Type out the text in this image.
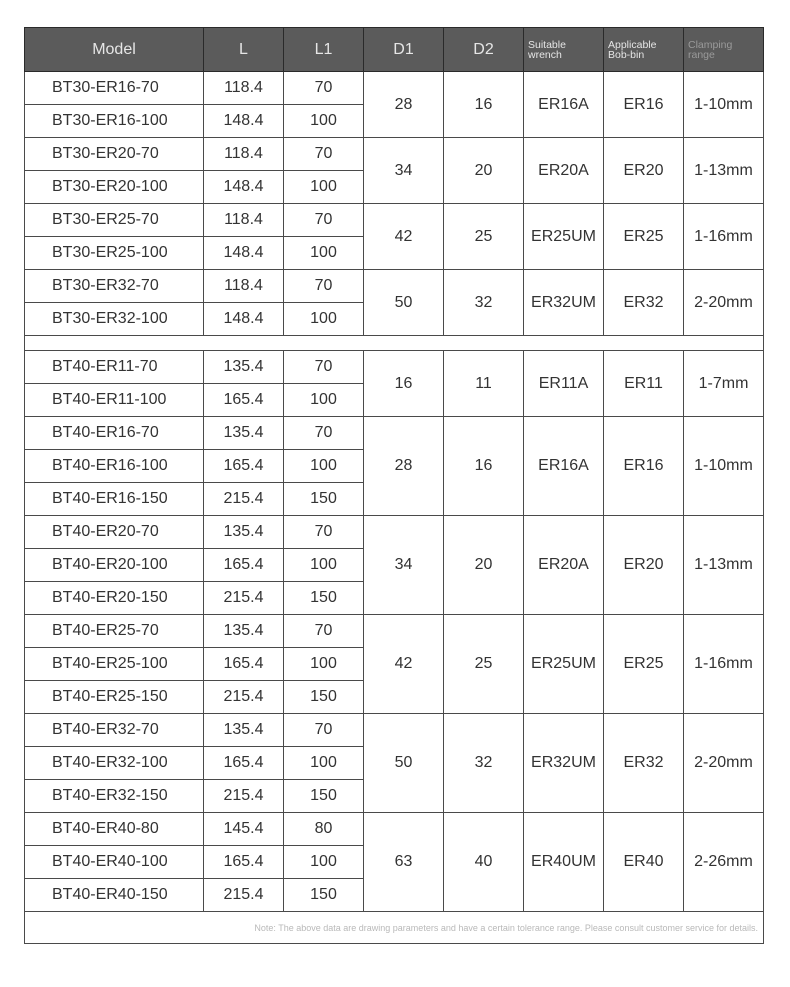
Model	L	L1	D1	D2	Suitable wrench	Applicable Bob-bin	Clamping range
BT30-ER16-70	118.4	70	28	16	ER16A	ER16	1-10mm
BT30-ER16-100	148.4	100					
BT30-ER20-70	118.4	70	34	20	ER20A	ER20	1-13mm
BT30-ER20-100	148.4	100					
BT30-ER25-70	118.4	70	42	25	ER25UM	ER25	1-16mm
BT30-ER25-100	148.4	100					
BT30-ER32-70	118.4	70	50	32	ER32UM	ER32	2-20mm
BT30-ER32-100	148.4	100					

BT40-ER11-70	135.4	70	16	11	ER11A	ER11	1-7mm
BT40-ER11-100	165.4	100					
BT40-ER16-70	135.4	70	28	16	ER16A	ER16	1-10mm
BT40-ER16-100	165.4	100					
BT40-ER16-150	215.4	150					
BT40-ER20-70	135.4	70	34	20	ER20A	ER20	1-13mm
BT40-ER20-100	165.4	100					
BT40-ER20-150	215.4	150					
BT40-ER25-70	135.4	70	42	25	ER25UM	ER25	1-16mm
BT40-ER25-100	165.4	100					
BT40-ER25-150	215.4	150					
BT40-ER32-70	135.4	70	50	32	ER32UM	ER32	2-20mm
BT40-ER32-100	165.4	100					
BT40-ER32-150	215.4	150					
BT40-ER40-80	145.4	80	63	40	ER40UM	ER40	2-26mm
BT40-ER40-100	165.4	100					
BT40-ER40-150	215.4	150					
Note: The above data are drawing parameters and have a certain tolerance range. Please consult customer service for details.							
